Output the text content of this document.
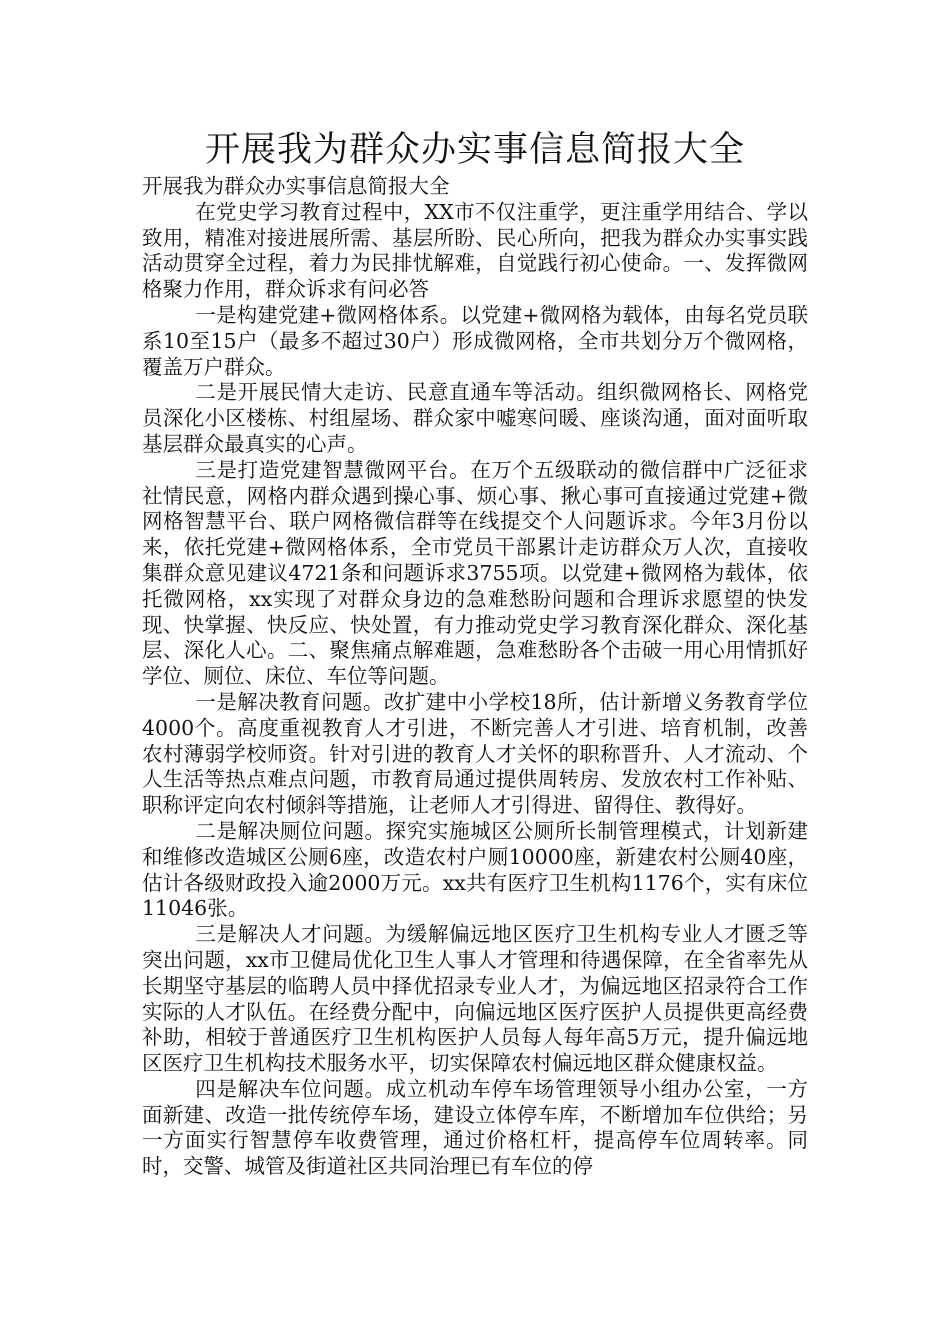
开展我为群众办实事信息简报大全

开展我为群众办实事信息简报大全

在党史学习教育过程中，XX市不仅注重学，更注重学用结合、学以致用，精准对接进展所需、基层所盼、民心所向，把我为群众办实事实践活动贯穿全过程，着力为民排忧解难，自觉践行初心使命。一、发挥微网格聚力作用，群众诉求有问必答

一是构建党建+微网格体系。以党建+微网格为载体，由每名党员联系10至15户（最多不超过30户）形成微网格，全市共划分万个微网格，覆盖万户群众。

二是开展民情大走访、民意直通车等活动。组织微网格长、网格党员深化小区楼栋、村组屋场、群众家中嘘寒问暖、座谈沟通，面对面听取基层群众最真实的心声。

三是打造党建智慧微网平台。在万个五级联动的微信群中广泛征求社情民意，网格内群众遇到操心事、烦心事、揪心事可直接通过党建+微网格智慧平台、联户网格微信群等在线提交个人问题诉求。今年3月份以来，依托党建+微网格体系，全市党员干部累计走访群众万人次，直接收集群众意见建议4721条和问题诉求3755项。以党建+微网格为载体，依托微网格，xx实现了对群众身边的急难愁盼问题和合理诉求愿望的快发现、快掌握、快反应、快处置，有力推动党史学习教育深化群众、深化基层、深化人心。二、聚焦痛点解难题，急难愁盼各个击破一用心用情抓好学位、厕位、床位、车位等问题。

一是解决教育问题。改扩建中小学校18所，估计新增义务教育学位4000个。高度重视教育人才引进，不断完善人才引进、培育机制，改善农村薄弱学校师资。针对引进的教育人才关怀的职称晋升、人才流动、个人生活等热点难点问题，市教育局通过提供周转房、发放农村工作补贴、职称评定向农村倾斜等措施，让老师人才引得进、留得住、教得好。

二是解决厕位问题。探究实施城区公厕所长制管理模式，计划新建和维修改造城区公厕6座，改造农村户厕10000座，新建农村公厕40座，估计各级财政投入逾2000万元。xx共有医疗卫生机构1176个，实有床位11046张。

三是解决人才问题。为缓解偏远地区医疗卫生机构专业人才匮乏等突出问题，xx市卫健局优化卫生人事人才管理和待遇保障，在全省率先从长期坚守基层的临聘人员中择优招录专业人才，为偏远地区招录符合工作实际的人才队伍。在经费分配中，向偏远地区医疗医护人员提供更高经费补助，相较于普通医疗卫生机构医护人员每人每年高5万元，提升偏远地区医疗卫生机构技术服务水平，切实保障农村偏远地区群众健康权益。

四是解决车位问题。成立机动车停车场管理领导小组办公室，一方面新建、改造一批传统停车场，建设立体停车库，不断增加车位供给；另一方面实行智慧停车收费管理，通过价格杠杆，提高停车位周转率。同时，交警、城管及街道社区共同治理已有车位的停
